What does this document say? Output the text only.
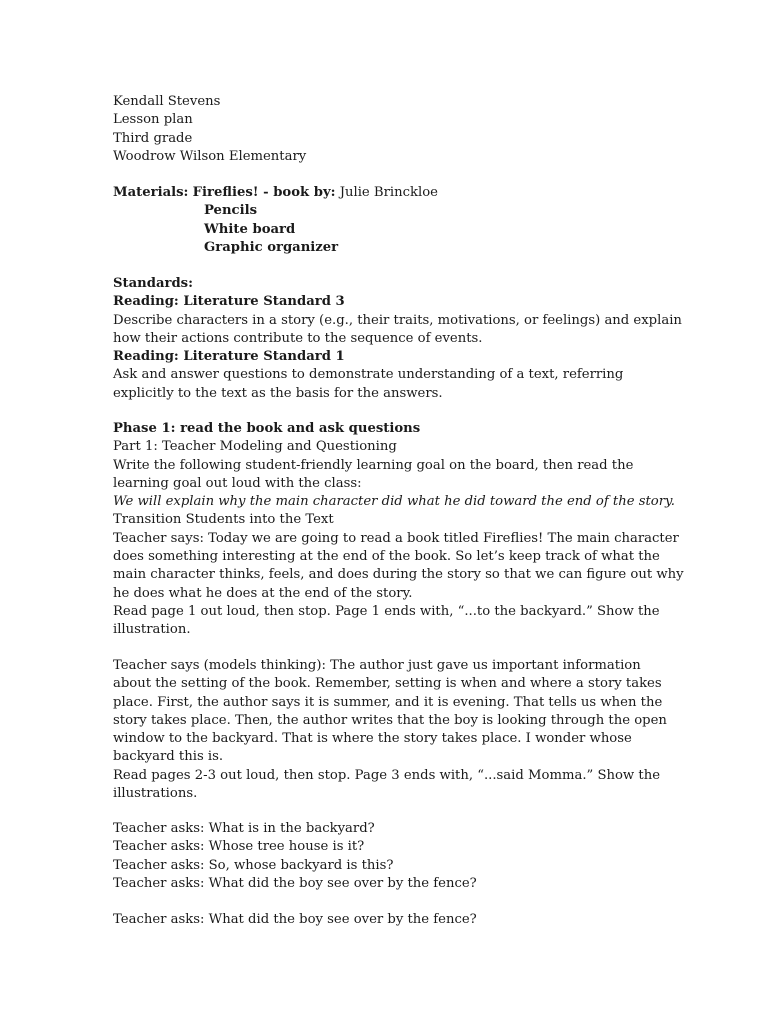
Kendall Stevens
Lesson plan
Third grade
Woodrow Wilson Elementary
Materials: Fireflies! - book by: Julie Brinckloe
Pencils
White board
Graphic organizer
Standards:
Reading: Literature Standard 3
Describe characters in a story (e.g., their traits, motivations, or feelings) and explain
how their actions contribute to the sequence of events.
Reading: Literature Standard 1
Ask and answer questions to demonstrate understanding of a text, referring
explicitly to the text as the basis for the answers.
Phase 1: read the book and ask questions
Part 1: Teacher Modeling and Questioning
Write the following student-friendly learning goal on the board, then read the
learning goal out loud with the class:
We will explain why the main character did what he did toward the end of the story.
Transition Students into the Text
Teacher says: Today we are going to read a book titled Fireflies! The main character
does something interesting at the end of the book. So let’s keep track of what the
main character thinks, feels, and does during the story so that we can figure out why
he does what he does at the end of the story.
Read page 1 out loud, then stop. Page 1 ends with, “...to the backyard.” Show the
illustration.
Teacher says (models thinking): The author just gave us important information
about the setting of the book. Remember, setting is when and where a story takes
place. First, the author says it is summer, and it is evening. That tells us when the
story takes place. Then, the author writes that the boy is looking through the open
window to the backyard. That is where the story takes place. I wonder whose
backyard this is.
Read pages 2-3 out loud, then stop. Page 3 ends with, “...said Momma.” Show the
illustrations.
Teacher asks: What is in the backyard?
Teacher asks: Whose tree house is it?
Teacher asks: So, whose backyard is this?
Teacher asks: What did the boy see over by the fence?
Teacher asks: What did the boy see over by the fence?
